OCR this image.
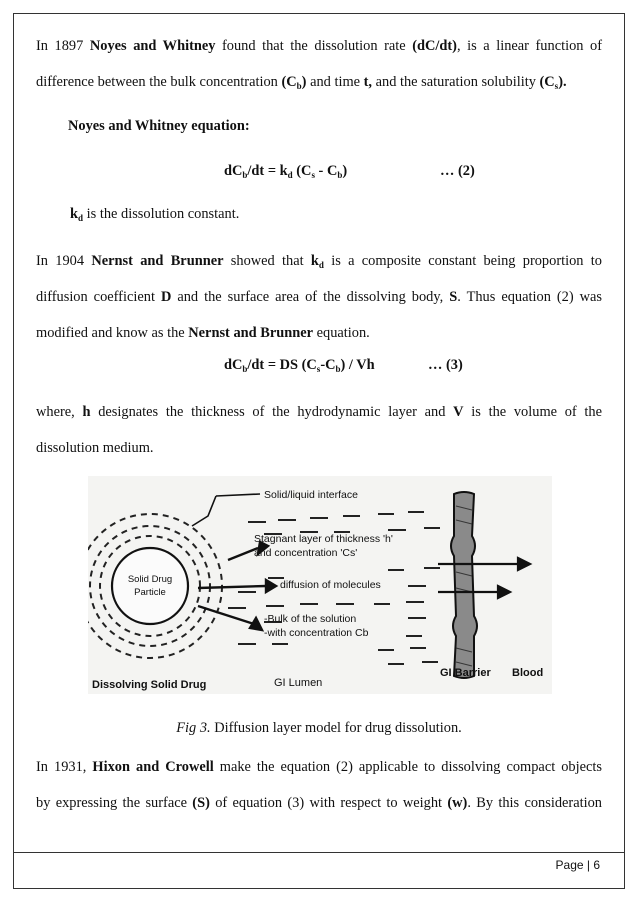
In 1897 Noyes and Whitney found that the dissolution rate (dC/dt), is a linear function of
difference between the bulk concentration $(C_b)$ and time t, and the saturation solubility $(C_s)$.
Noyes and Whitney equation:
$dC_b/dt = k_d$ $(C_s - C_b)$	… (2)
$k_d$ is the dissolution constant.
In 1904 Nernst and Brunner showed that $k_d$ is a composite constant being proportion to
diffusion coefficient D and the surface area of the dissolving body, S. Thus equation (2) was
modified and know as the Nernst and Brunner equation.
$dC_b/dt$ = DS $(C_s-C_b)$ / Vh	… (3)
where, h designates the thickness of the hydrodynamic layer and V is the volume of the
dissolution medium.
Solid Drug
Particle
Solid/liquid interface
Stagnant layer of thickness 'h'
and concentration 'Cs'
diffusion of molecules
-Bulk of the solution
-with concentration Cb
Dissolving Solid Drug	GI Lumen
GI Barrier Blood
Fig 3. Diffusion layer model for drug dissolution.
In 1931, Hixon and Crowell make the equation (2) applicable to dissolving compact objects
by expressing the surface (S) of equation (3) with respect to weight (w). By this consideration
Page | 6
